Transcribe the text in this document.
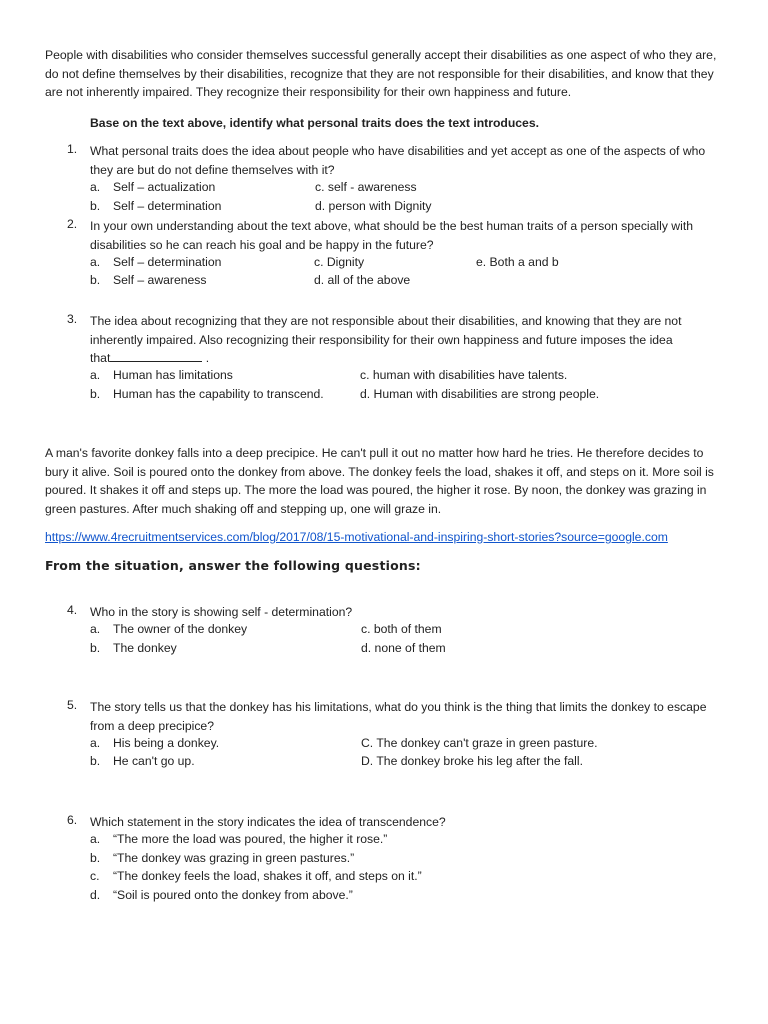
People with disabilities who consider themselves successful generally accept their disabilities as one aspect of who they are, do not define themselves by their disabilities, recognize that they are not responsible for their disabilities, and know that they are not inherently impaired. They recognize their responsibility for their own happiness and future.

Base on the text above, identify what personal traits does the text introduces.
1. What personal traits does the idea about people who have disabilities and yet accept as one of the aspects of who they are but do not define themselves with it?
a. Self – actualization	c. self - awareness
b. Self – determination	d. person with Dignity
2. In your own understanding about the text above, what should be the best human traits of a person specially with disabilities so he can reach his goal and be happy in the future?
a. Self – determination	c. Dignity	e. Both a and b
b. Self – awareness	d. all of the above
3. The idea about recognizing that they are not responsible about their disabilities, and knowing that they are not inherently impaired. Also recognizing their responsibility for their own happiness and future imposes the idea
that	.
a. Human has limitations	c. human with disabilities have talents.
b. Human has the capability to transcend.	d. Human with disabilities are strong people.

A man's favorite donkey falls into a deep precipice. He can't pull it out no matter how hard he tries. He therefore decides to bury it alive. Soil is poured onto the donkey from above. The donkey feels the load, shakes it off, and steps on it. More soil is poured. It shakes it off and steps up. The more the load was poured, the higher it rose. By noon, the donkey was grazing in green pastures. After much shaking off and stepping up, one will graze in.

https://www.4recruitmentservices.com/blog/2017/08/15-motivational-and-inspiring-short-stories?source=google.com
From the situation, answer the following questions:
4. Who in the story is showing self - determination?
a. The owner of the donkey	c. both of them
b. The donkey	d. none of them
5. The story tells us that the donkey has his limitations, what do you think is the thing that limits the donkey to escape from a deep precipice?
a. His being a donkey.	C. The donkey can't graze in green pasture.
b. He can't go up.	D. The donkey broke his leg after the fall.
6. Which statement in the story indicates the idea of transcendence?
a. “The more the load was poured, the higher it rose.”
b. “The donkey was grazing in green pastures.”
c. “The donkey feels the load, shakes it off, and steps on it.”
d. “Soil is poured onto the donkey from above.”
